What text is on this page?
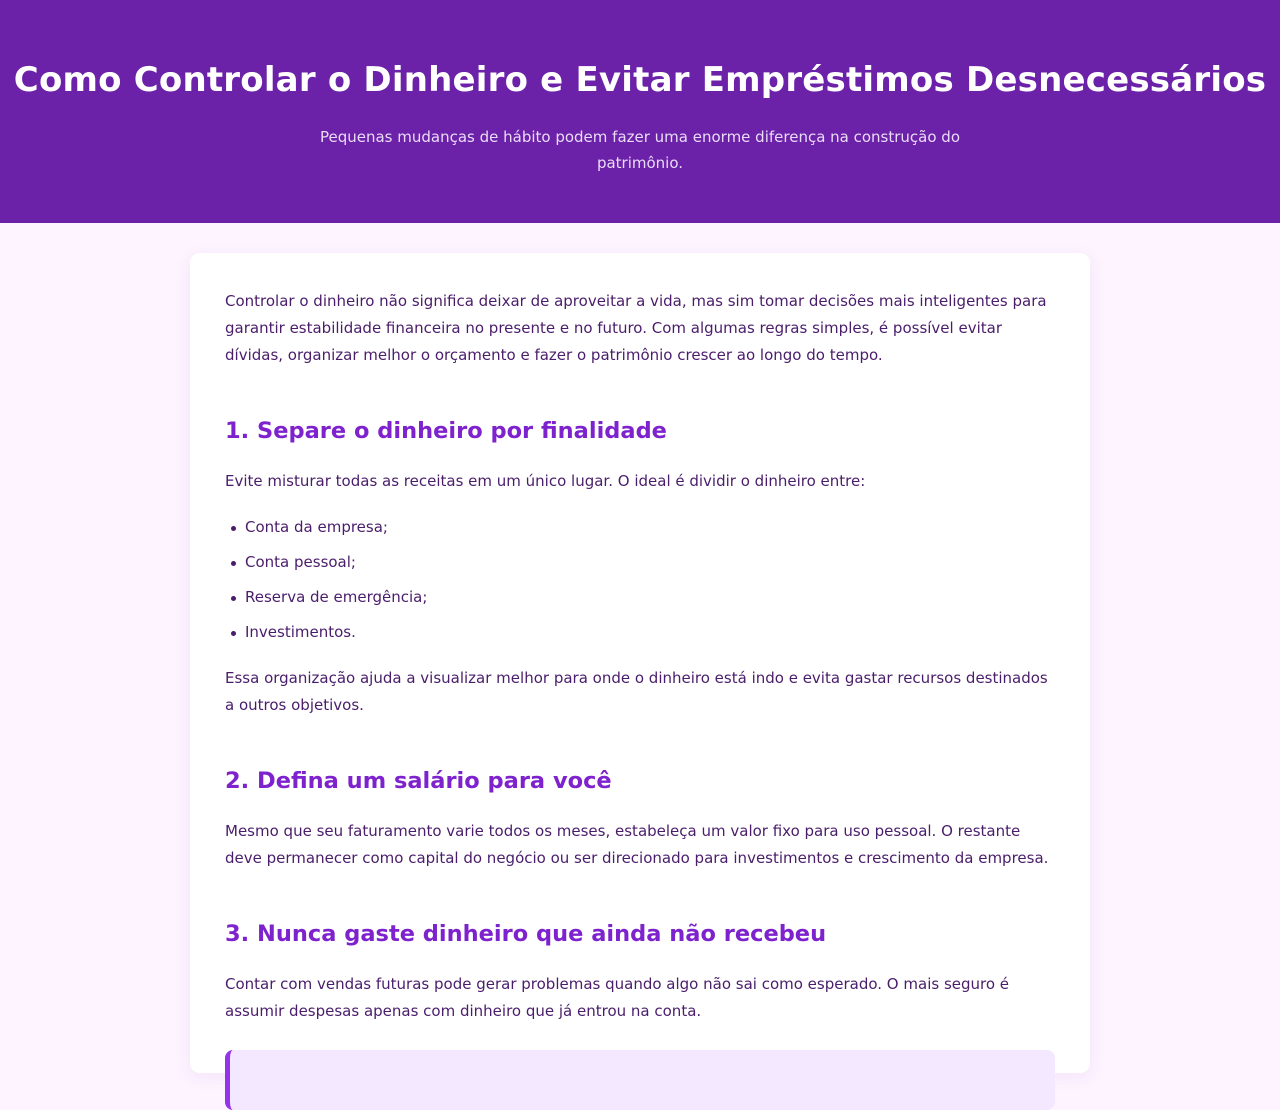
Como Controlar o Dinheiro e Evitar Empréstimos Desnecessários

Pequenas mudanças de hábito podem fazer uma enorme diferença na construção do patrimônio.

Controlar o dinheiro não significa deixar de aproveitar a vida, mas sim tomar decisões mais inteligentes para garantir estabilidade financeira no presente e no futuro. Com algumas regras simples, é possível evitar dívidas, organizar melhor o orçamento e fazer o patrimônio crescer ao longo do tempo.

1. Separe o dinheiro por finalidade

Evite misturar todas as receitas em um único lugar. O ideal é dividir o dinheiro entre:

Conta da empresa;
Conta pessoal;
Reserva de emergência;
Investimentos.

Essa organização ajuda a visualizar melhor para onde o dinheiro está indo e evita gastar recursos destinados a outros objetivos.

2. Defina um salário para você

Mesmo que seu faturamento varie todos os meses, estabeleça um valor fixo para uso pessoal. O restante deve permanecer como capital do negócio ou ser direcionado para investimentos e crescimento da empresa.

3. Nunca gaste dinheiro que ainda não recebeu

Contar com vendas futuras pode gerar problemas quando algo não sai como esperado. O mais seguro é assumir despesas apenas com dinheiro que já entrou na conta.
